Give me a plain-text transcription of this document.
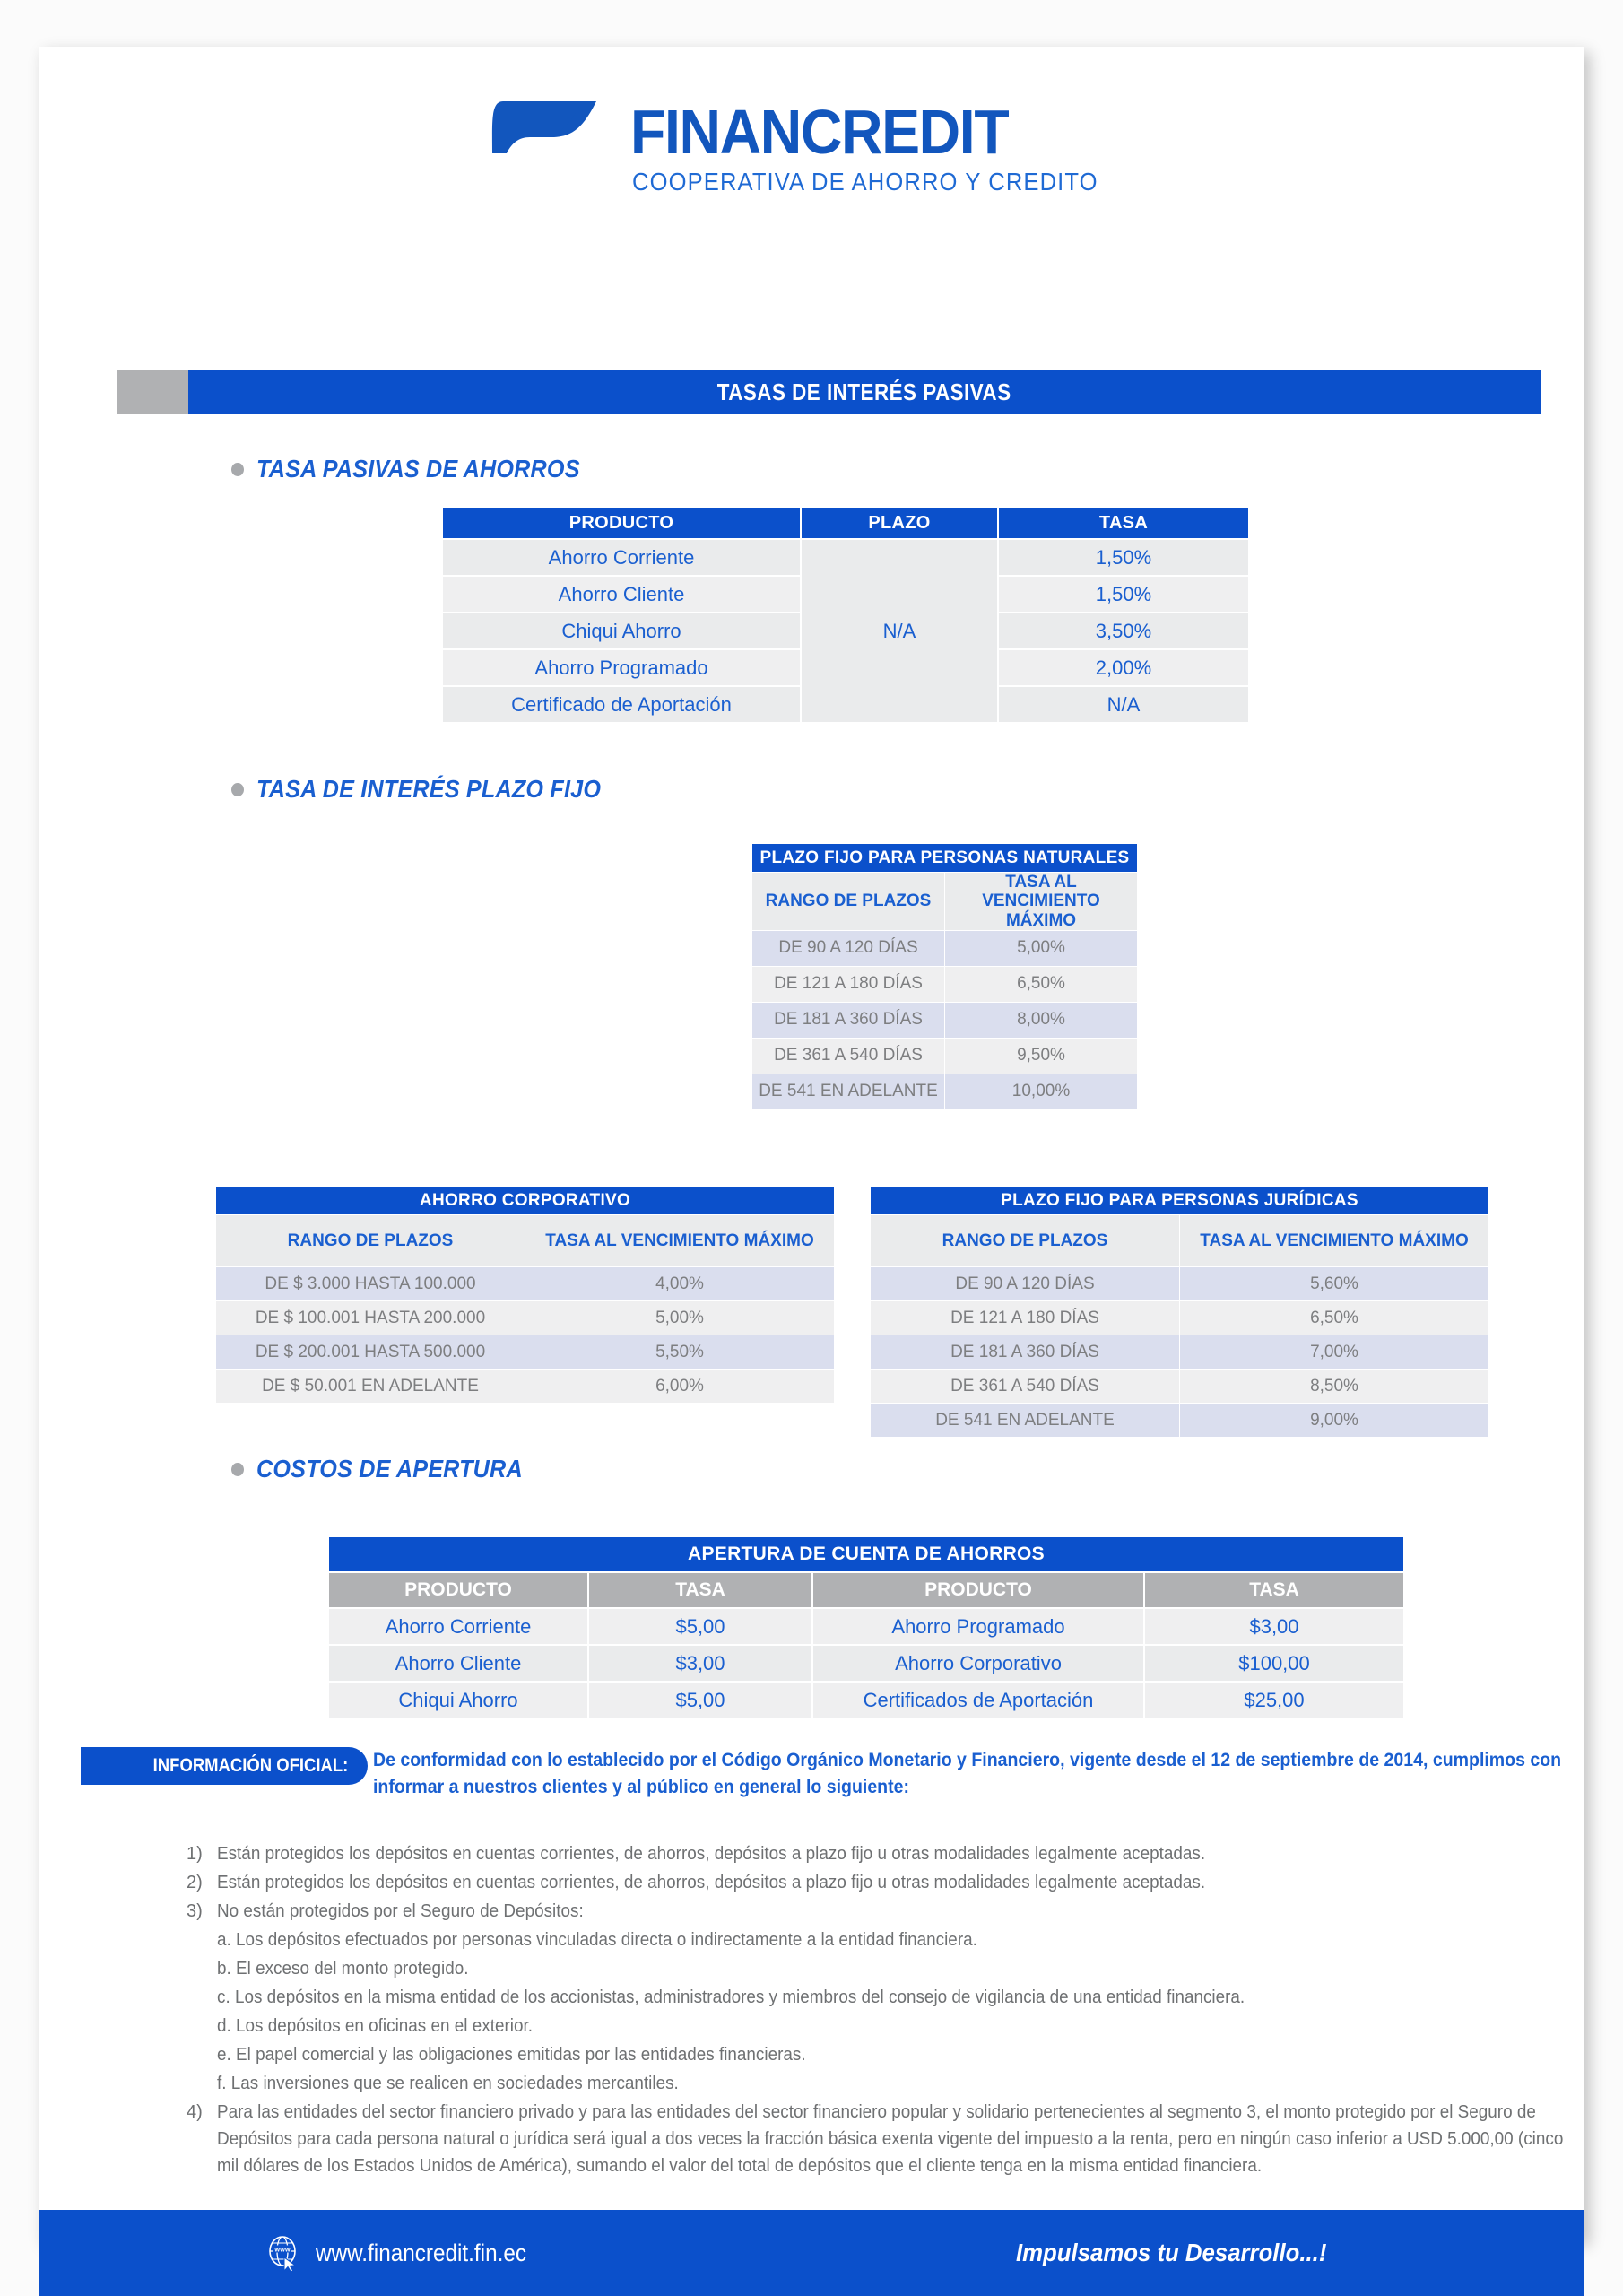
FINANCREDIT
COOPERATIVA DE AHORRO Y CREDITO
TASAS DE INTERÉS PASIVAS
TASA PASIVAS DE AHORROS
PRODUCTO	PLAZO	TASA
Ahorro Corriente	N/A	1,50%
Ahorro Cliente		1,50%
Chiqui Ahorro		3,50%
Ahorro Programado		2,00%
Certificado de Aportación		N/A
TASA DE INTERÉS PLAZO FIJO
PLAZO FIJO PARA PERSONAS NATURALES	
RANGO DE PLAZOS	TASA AL VENCIMIENTO MÁXIMO
DE 90 A 120 DÍAS	5,00%
DE 121 A 180 DÍAS	6,50%
DE 181 A 360 DÍAS	8,00%
DE 361 A 540 DÍAS	9,50%
DE 541 EN ADELANTE	10,00%
AHORRO CORPORATIVO	
RANGO DE PLAZOS	TASA AL VENCIMIENTO MÁXIMO
DE $ 3.000 HASTA 100.000	4,00%
DE $ 100.001 HASTA 200.000	5,00%
DE $ 200.001 HASTA 500.000	5,50%
DE $ 50.001 EN ADELANTE	6,00%
PLAZO FIJO PARA PERSONAS JURÍDICAS	
RANGO DE PLAZOS	TASA AL VENCIMIENTO MÁXIMO
DE 90 A 120 DÍAS	5,60%
DE 121 A 180 DÍAS	6,50%
DE 181 A 360 DÍAS	7,00%
DE 361 A 540 DÍAS	8,50%
DE 541 EN ADELANTE	9,00%
COSTOS DE APERTURA
APERTURA DE CUENTA DE AHORROS			
PRODUCTO	TASA	PRODUCTO	TASA
Ahorro Corriente	$5,00	Ahorro Programado	$3,00
Ahorro Cliente	$3,00	Ahorro Corporativo	$100,00
Chiqui Ahorro	$5,00	Certificados de Aportación	$25,00
INFORMACIÓN OFICIAL: De conformidad con lo establecido por el Código Orgánico Monetario y Financiero, vigente desde el 12 de septiembre de 2014, cumplimos con informar a nuestros clientes y al público en general lo siguiente:
1) Están protegidos los depósitos en cuentas corrientes, de ahorros, depósitos a plazo fijo u otras modalidades legalmente aceptadas.
2) Están protegidos los depósitos en cuentas corrientes, de ahorros, depósitos a plazo fijo u otras modalidades legalmente aceptadas.
3) No están protegidos por el Seguro de Depósitos:
a. Los depósitos efectuados por personas vinculadas directa o indirectamente a la entidad financiera.
b. El exceso del monto protegido.
c. Los depósitos en la misma entidad de los accionistas, administradores y miembros del consejo de vigilancia de una entidad financiera.
d. Los depósitos en oficinas en el exterior.
e. El papel comercial y las obligaciones emitidas por las entidades financieras.
f. Las inversiones que se realicen en sociedades mercantiles.
4) Para las entidades del sector financiero privado y para las entidades del sector financiero popular y solidario pertenecientes al segmento 3, el monto protegido por el Seguro de Depósitos para cada persona natural o jurídica será igual a dos veces la fracción básica exenta vigente del impuesto a la renta, pero en ningún caso inferior a USD 5.000,00 (cinco mil dólares de los Estados Unidos de América), sumando el valor del total de depósitos que el cliente tenga en la misma entidad financiera.
WWW www.financredit.fin.ec	Impulsamos tu Desarrollo...!
